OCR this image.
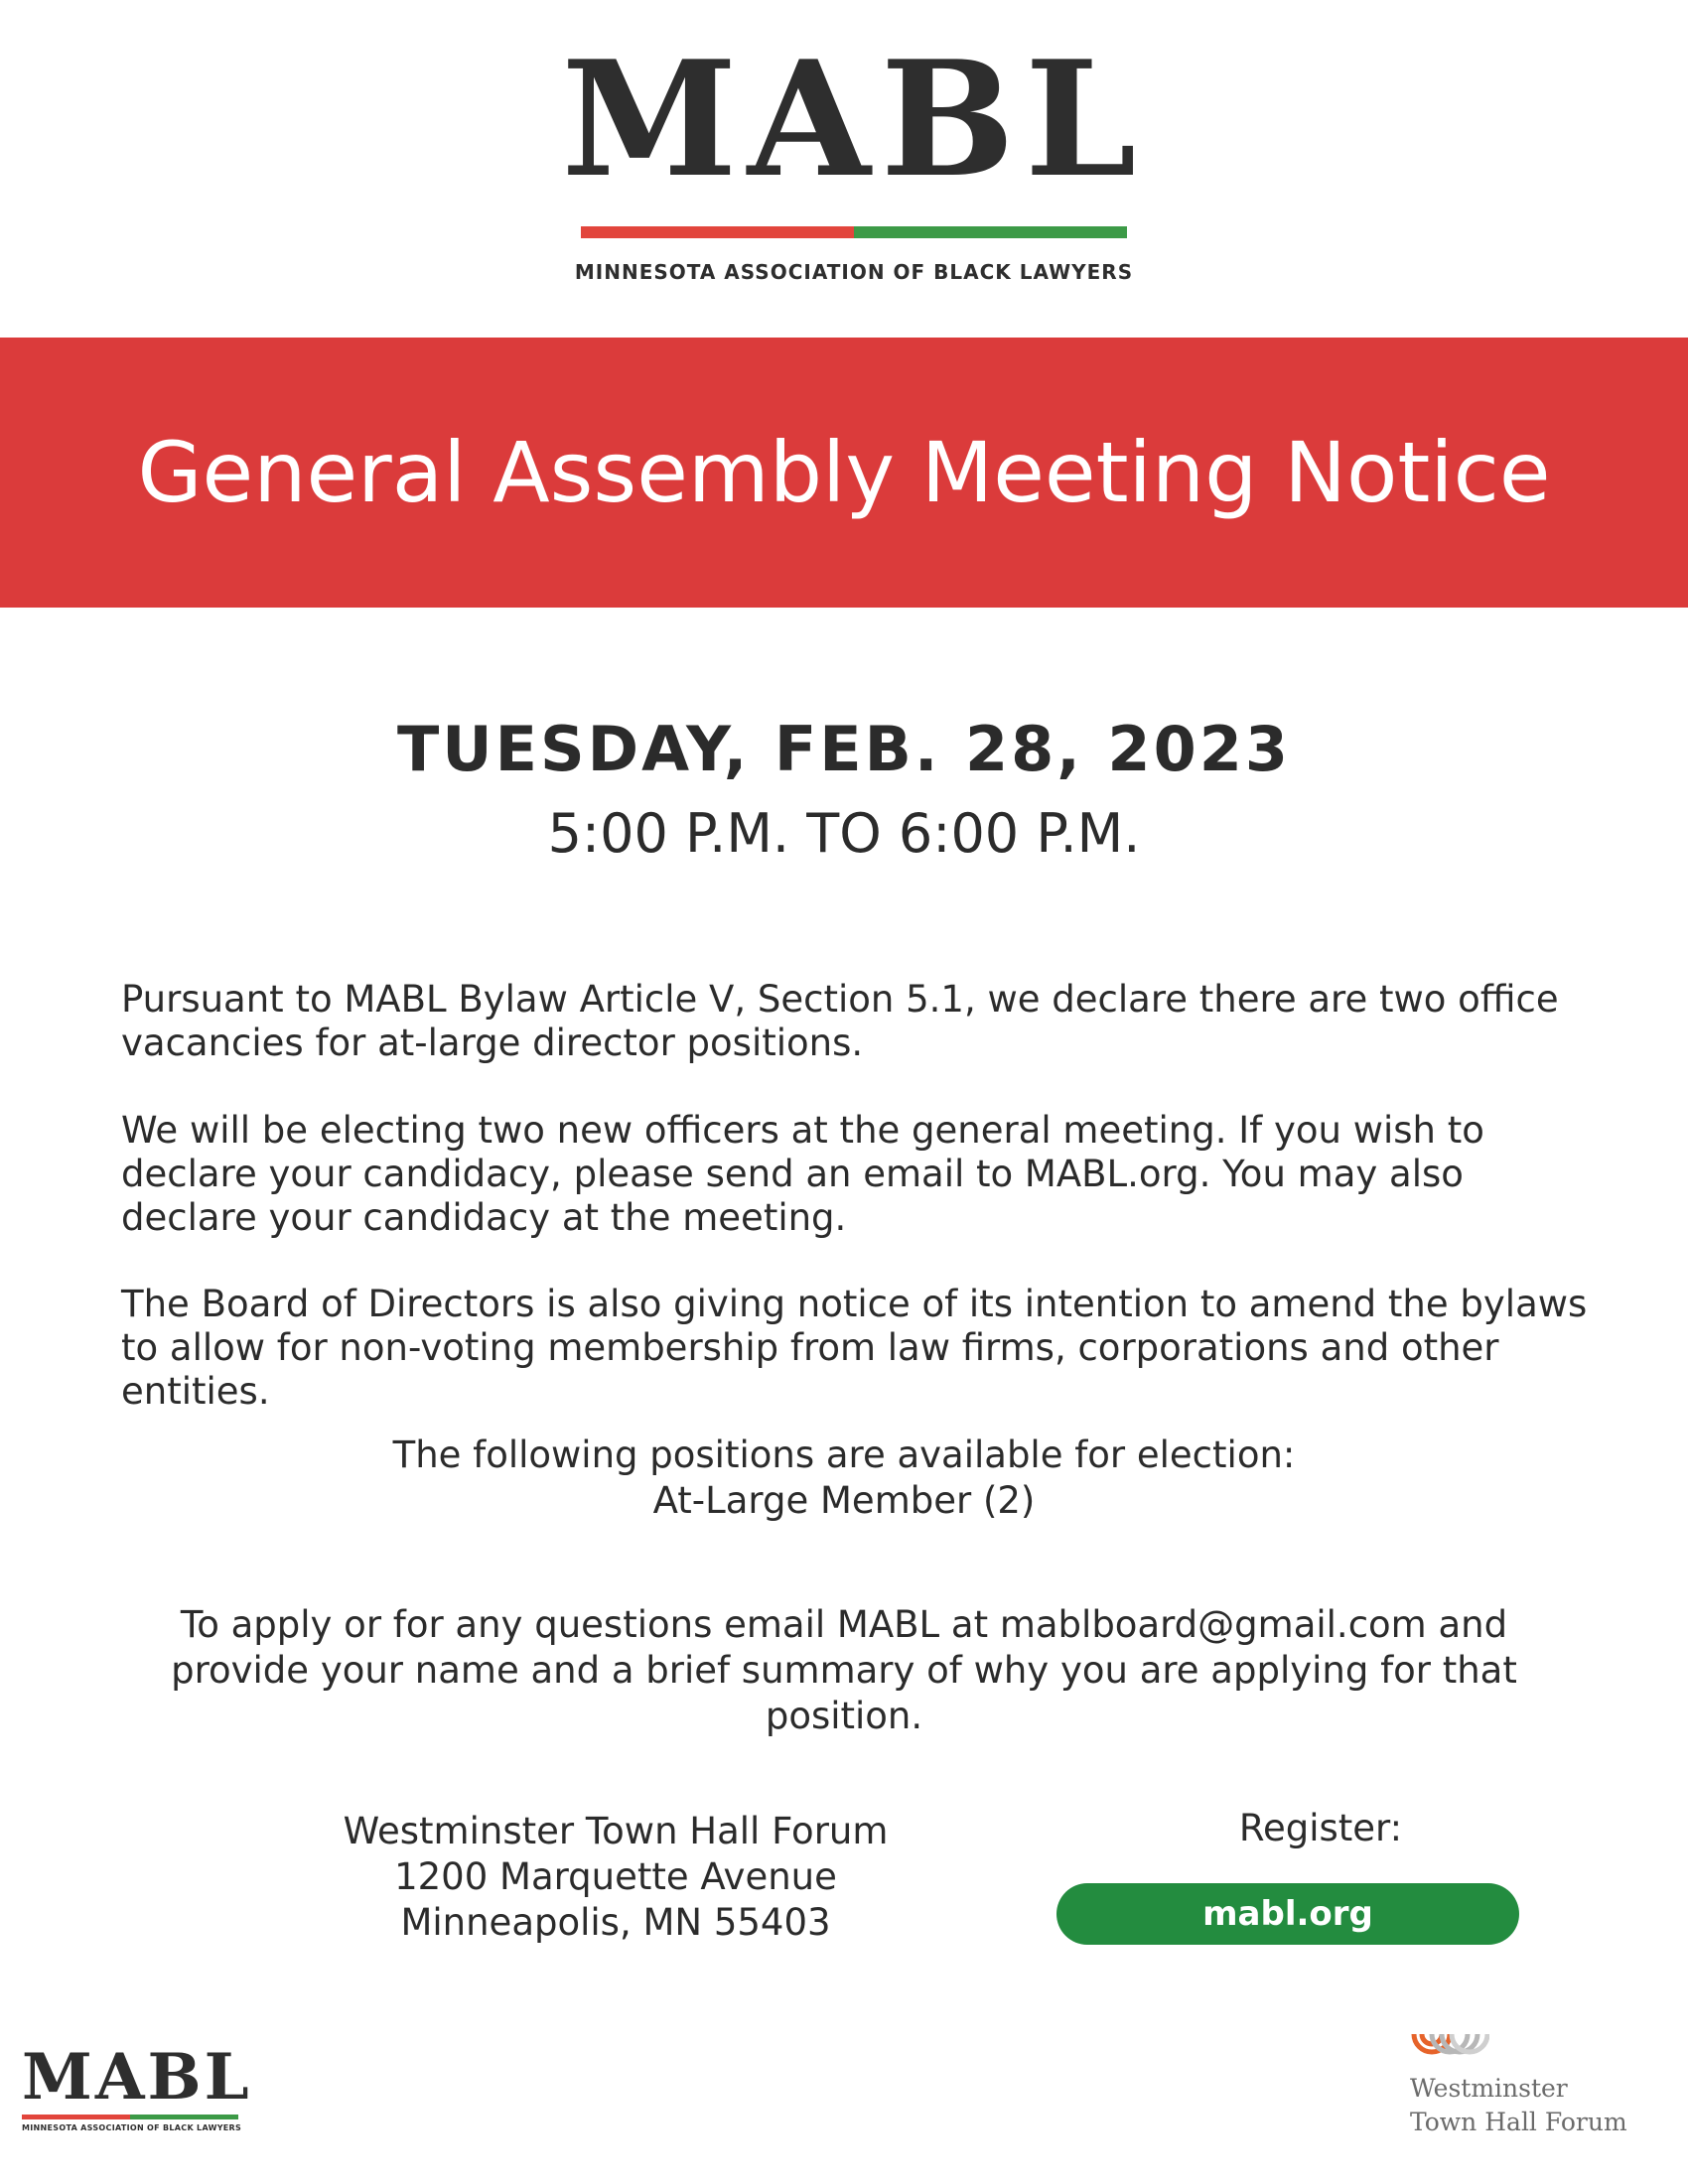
MABL
MINNESOTA ASSOCIATION OF BLACK LAWYERS
General Assembly Meeting Notice
TUESDAY, FEB. 28, 2023
5:00 P.M. TO 6:00 P.M.
Pursuant to MABL Bylaw Article V, Section 5.1, we declare there are two office vacancies for at-large director positions.
We will be electing two new officers at the general meeting. If you wish to declare your candidacy, please send an email to MABL.org. You may also declare your candidacy at the meeting.
The Board of Directors is also giving notice of its intention to amend the bylaws to allow for non-voting membership from law firms, corporations and other entities.
The following positions are available for election:
At-Large Member (2)
To apply or for any questions email MABL at mablboard@gmail.com and provide your name and a brief summary of why you are applying for that position.
Westminster Town Hall Forum
1200 Marquette Avenue
Minneapolis, MN 55403
Register:
mabl.org
MABL
MINNESOTA ASSOCIATION OF BLACK LAWYERS
Westminster
Town Hall Forum
